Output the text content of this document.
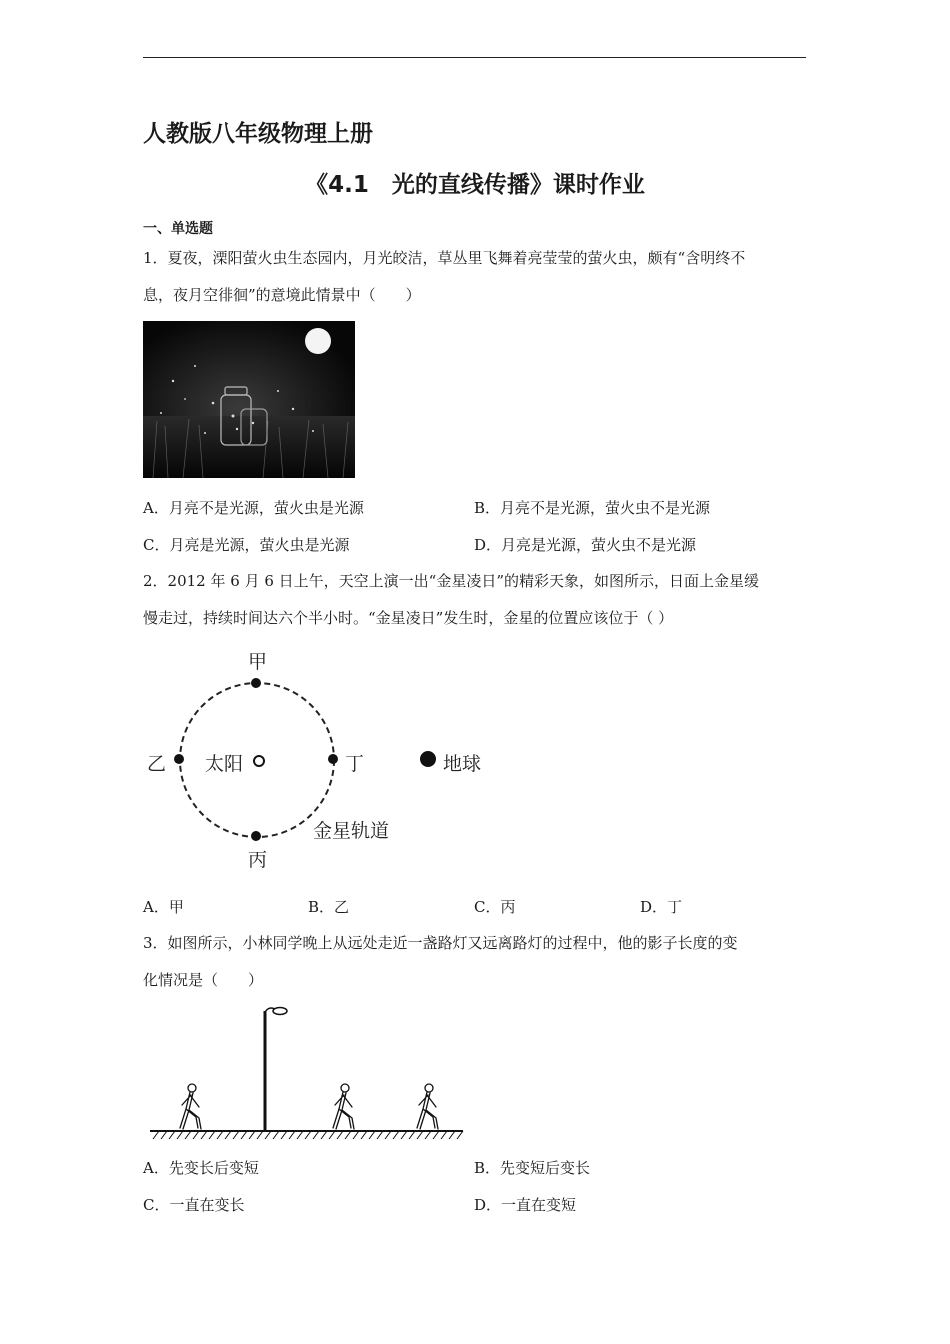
人教版八年级物理上册
《4.1　光的直线传播》课时作业
一、单选题
1．夏夜，溧阳萤火虫生态园内，月光皎洁，草丛里飞舞着亮莹莹的萤火虫，颇有“含明终不
息，夜月空徘徊”的意境此情景中（　　）
A．月亮不是光源，萤火虫是光源	B．月亮不是光源，萤火虫不是光源
C．月亮是光源，萤火虫是光源	D．月亮是光源，萤火虫不是光源
2．2012 年 6 月 6 日上午，天空上演一出“金星凌日”的精彩天象，如图所示，日面上金星缓
慢走过，持续时间达六个半小时。“金星凌日”发生时，金星的位置应该位于（ ）
甲
乙	丁
丙
太阳	地球
金星轨道
A．甲	B．乙	C．丙	D．丁
3．如图所示，小林同学晚上从远处走近一盏路灯又远离路灯的过程中，他的影子长度的变
化情况是（　　）
A．先变长后变短	B．先变短后变长
C．一直在变长	D．一直在变短
